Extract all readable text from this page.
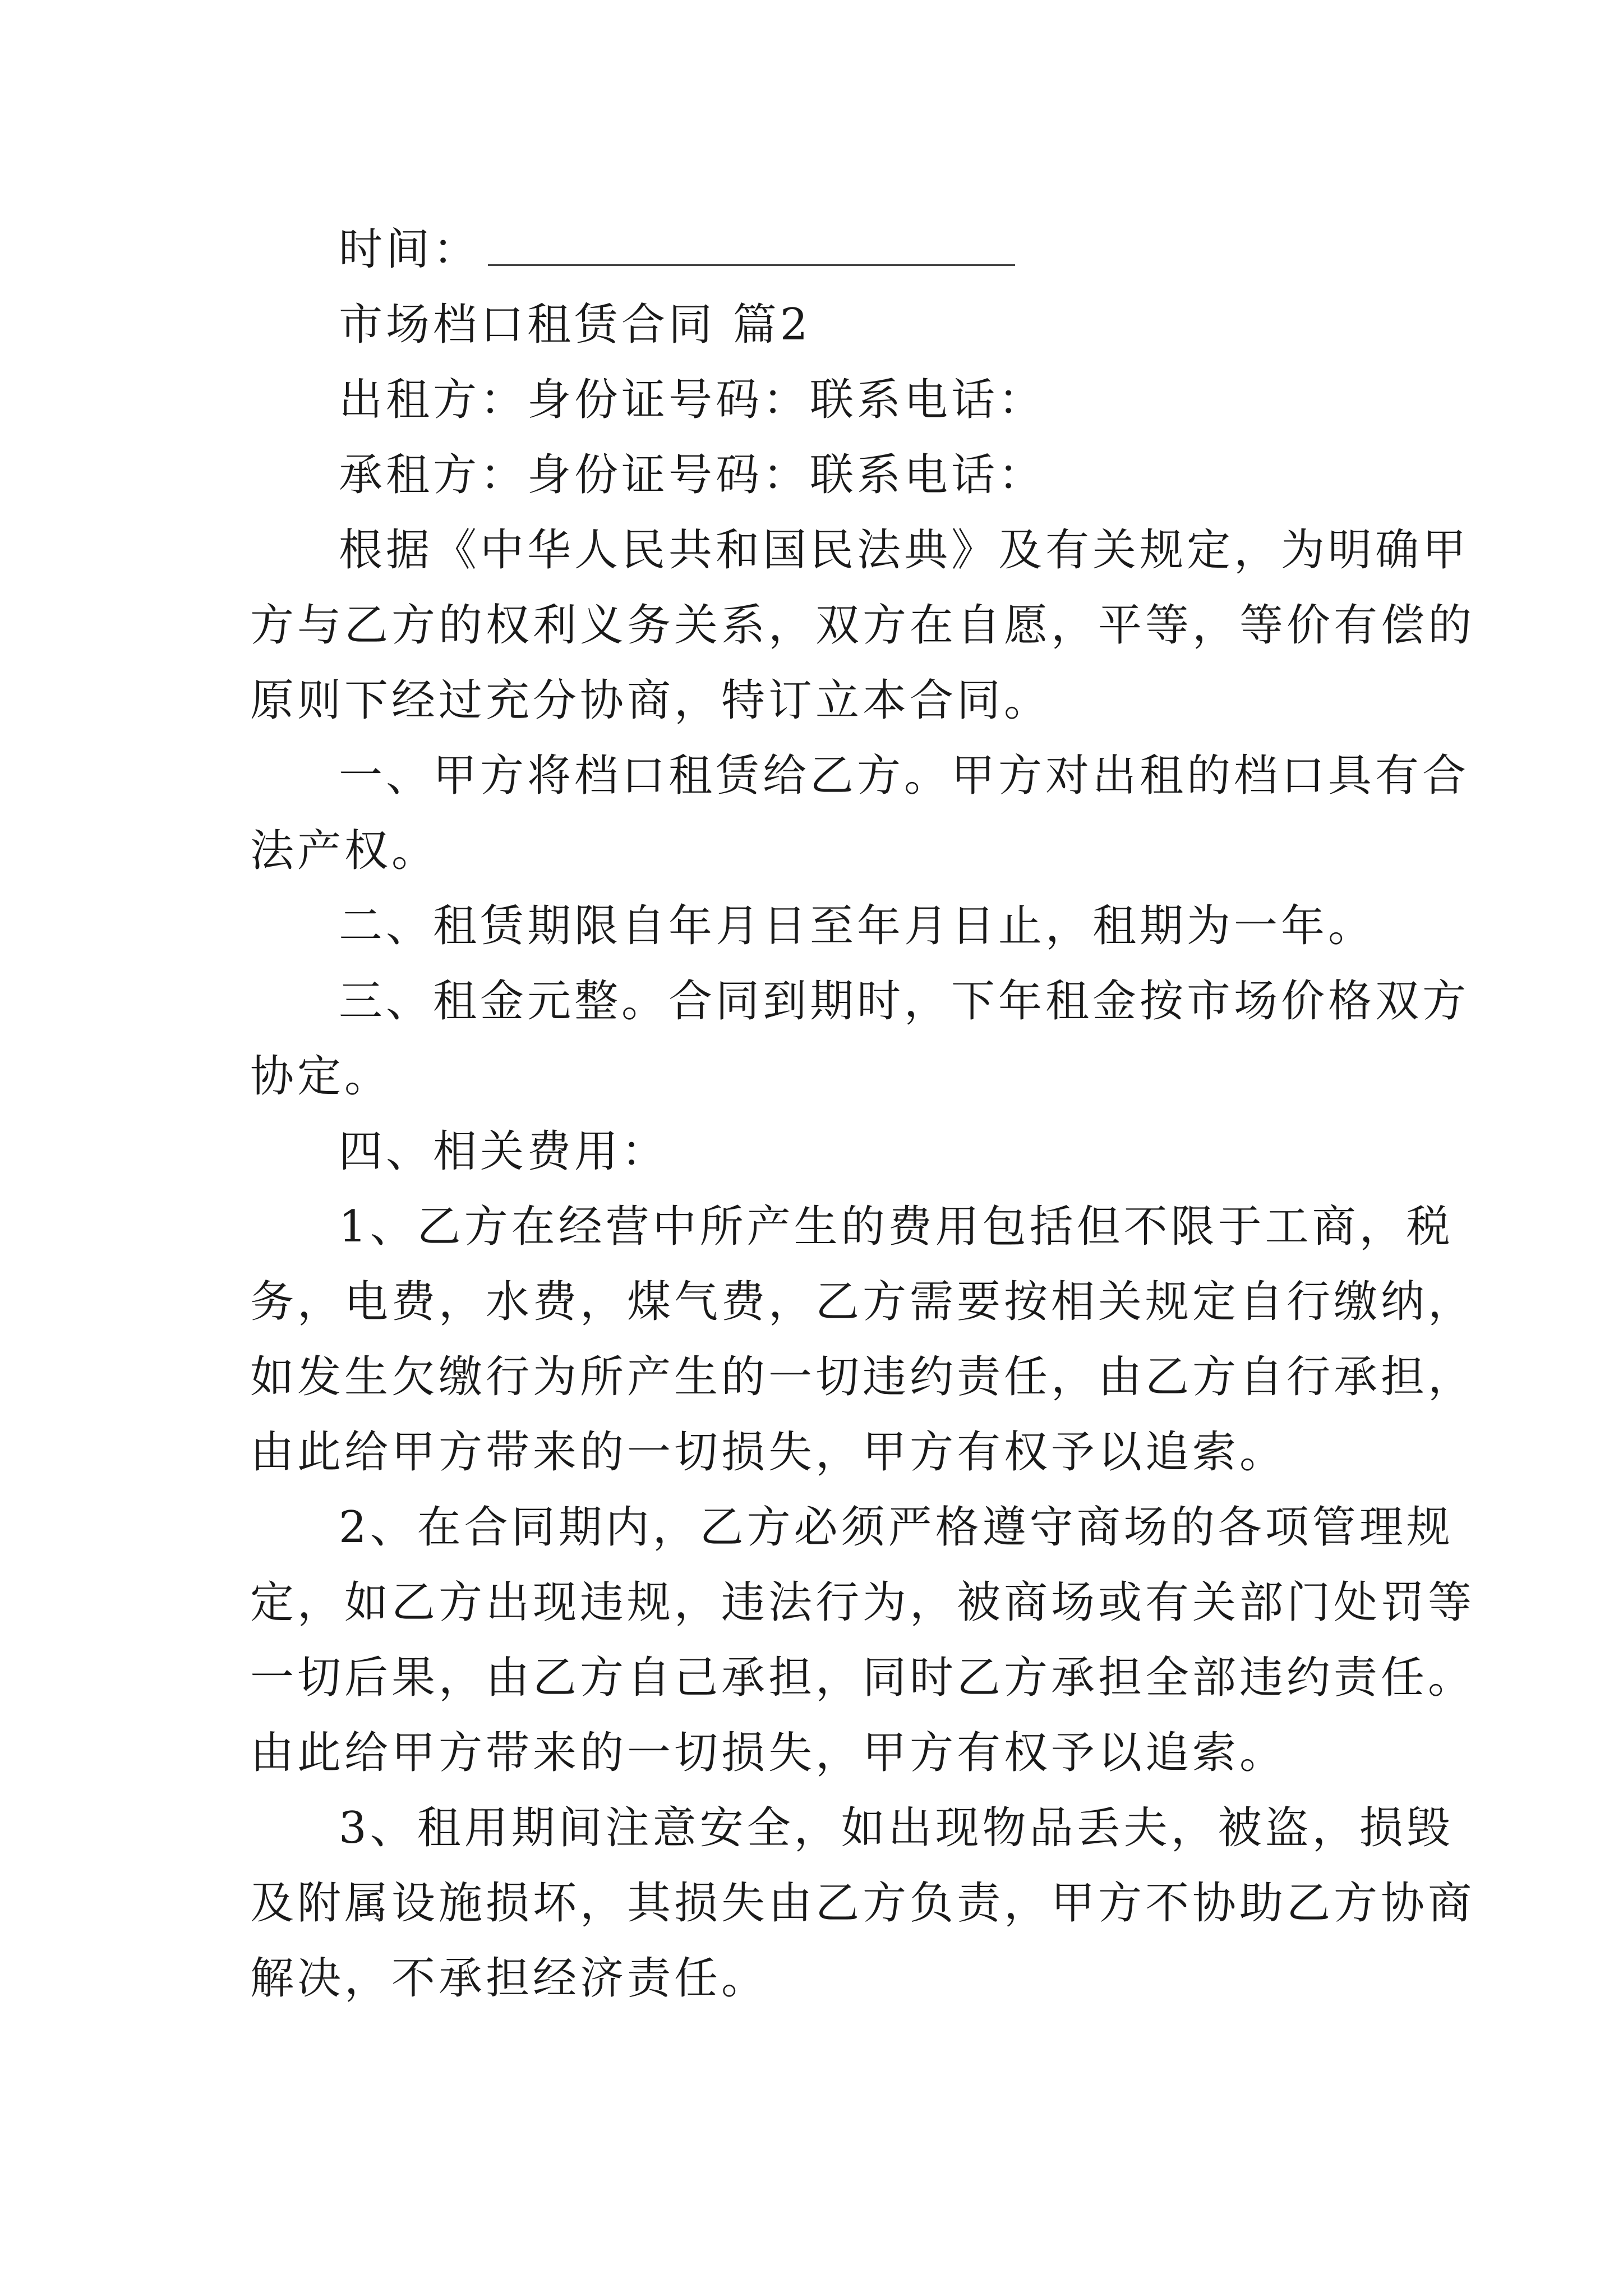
时间：
市场档口租赁合同 篇2
出租方：身份证号码：联系电话：
承租方：身份证号码：联系电话：
根据《中华人民共和国民法典》及有关规定，为明确甲
方与乙方的权利义务关系，双方在自愿，平等，等价有偿的
原则下经过充分协商，特订立本合同。
一、甲方将档口租赁给乙方。甲方对出租的档口具有合
法产权。
二、租赁期限自年月日至年月日止，租期为一年。
三、租金元整。合同到期时，下年租金按市场价格双方
协定。
四、相关费用：
1、乙方在经营中所产生的费用包括但不限于工商，税
务，电费，水费，煤气费，乙方需要按相关规定自行缴纳，
如发生欠缴行为所产生的一切违约责任，由乙方自行承担，
由此给甲方带来的一切损失，甲方有权予以追索。
2、在合同期内，乙方必须严格遵守商场的各项管理规
定，如乙方出现违规，违法行为，被商场或有关部门处罚等
一切后果，由乙方自己承担，同时乙方承担全部违约责任。
由此给甲方带来的一切损失，甲方有权予以追索。
3、租用期间注意安全，如出现物品丢夫，被盗，损毁
及附属设施损坏，其损失由乙方负责，甲方不协助乙方协商
解决，不承担经济责任。
